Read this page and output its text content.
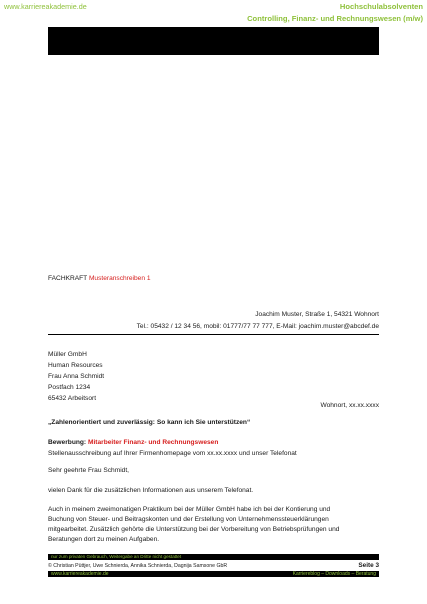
www.karriereakademie.de	4 Musteranschreiben	Hochschulabsolventen
Controlling, Finanz- und Rechnungswesen (m/w)
FACHKRAFT Musteranschreiben 1
Joachim Muster, Straße 1, 54321 Wohnort
Tel.: 05432 / 12 34 56, mobil: 01777/77 77 777, E-Mail: joachim.muster@abcdef.de
Müller GmbH
Human Resources
Frau Anna Schmidt
Postfach 1234
65432 Arbeitsort
Wohnort, xx.xx.xxxx
„Zahlenorientiert und zuverlässig: So kann ich Sie unterstützen“
Bewerbung: Mitarbeiter Finanz- und Rechnungswesen
Stellenausschreibung auf Ihrer Firmenhomepage vom xx.xx.xxxx und unser Telefonat
Sehr geehrte Frau Schmidt,
vielen Dank für die zusätzlichen Informationen aus unserem Telefonat.
Auch in meinem zweimonatigen Praktikum bei der Müller GmbH habe ich bei der Kontierung und
Buchung von Steuer- und Beitragskonten und der Erstellung von Unternehmenssteuerklärungen
mitgearbeitet. Zusätzlich gehörte die Unterstützung bei der Vorbereitung von Betriebsprüfungen und
Beratungen dort zu meinen Aufgaben.
nur zum privaten Gebrauch, Weitergabe an Dritte nicht gestattet
© Christian Püttjer, Uwe Schnierda, Annika Schnierda, Dagnija Samsone GbR	Seite 3
www.karriereakademie.de	Karriereblog – Downloads – Beratung
